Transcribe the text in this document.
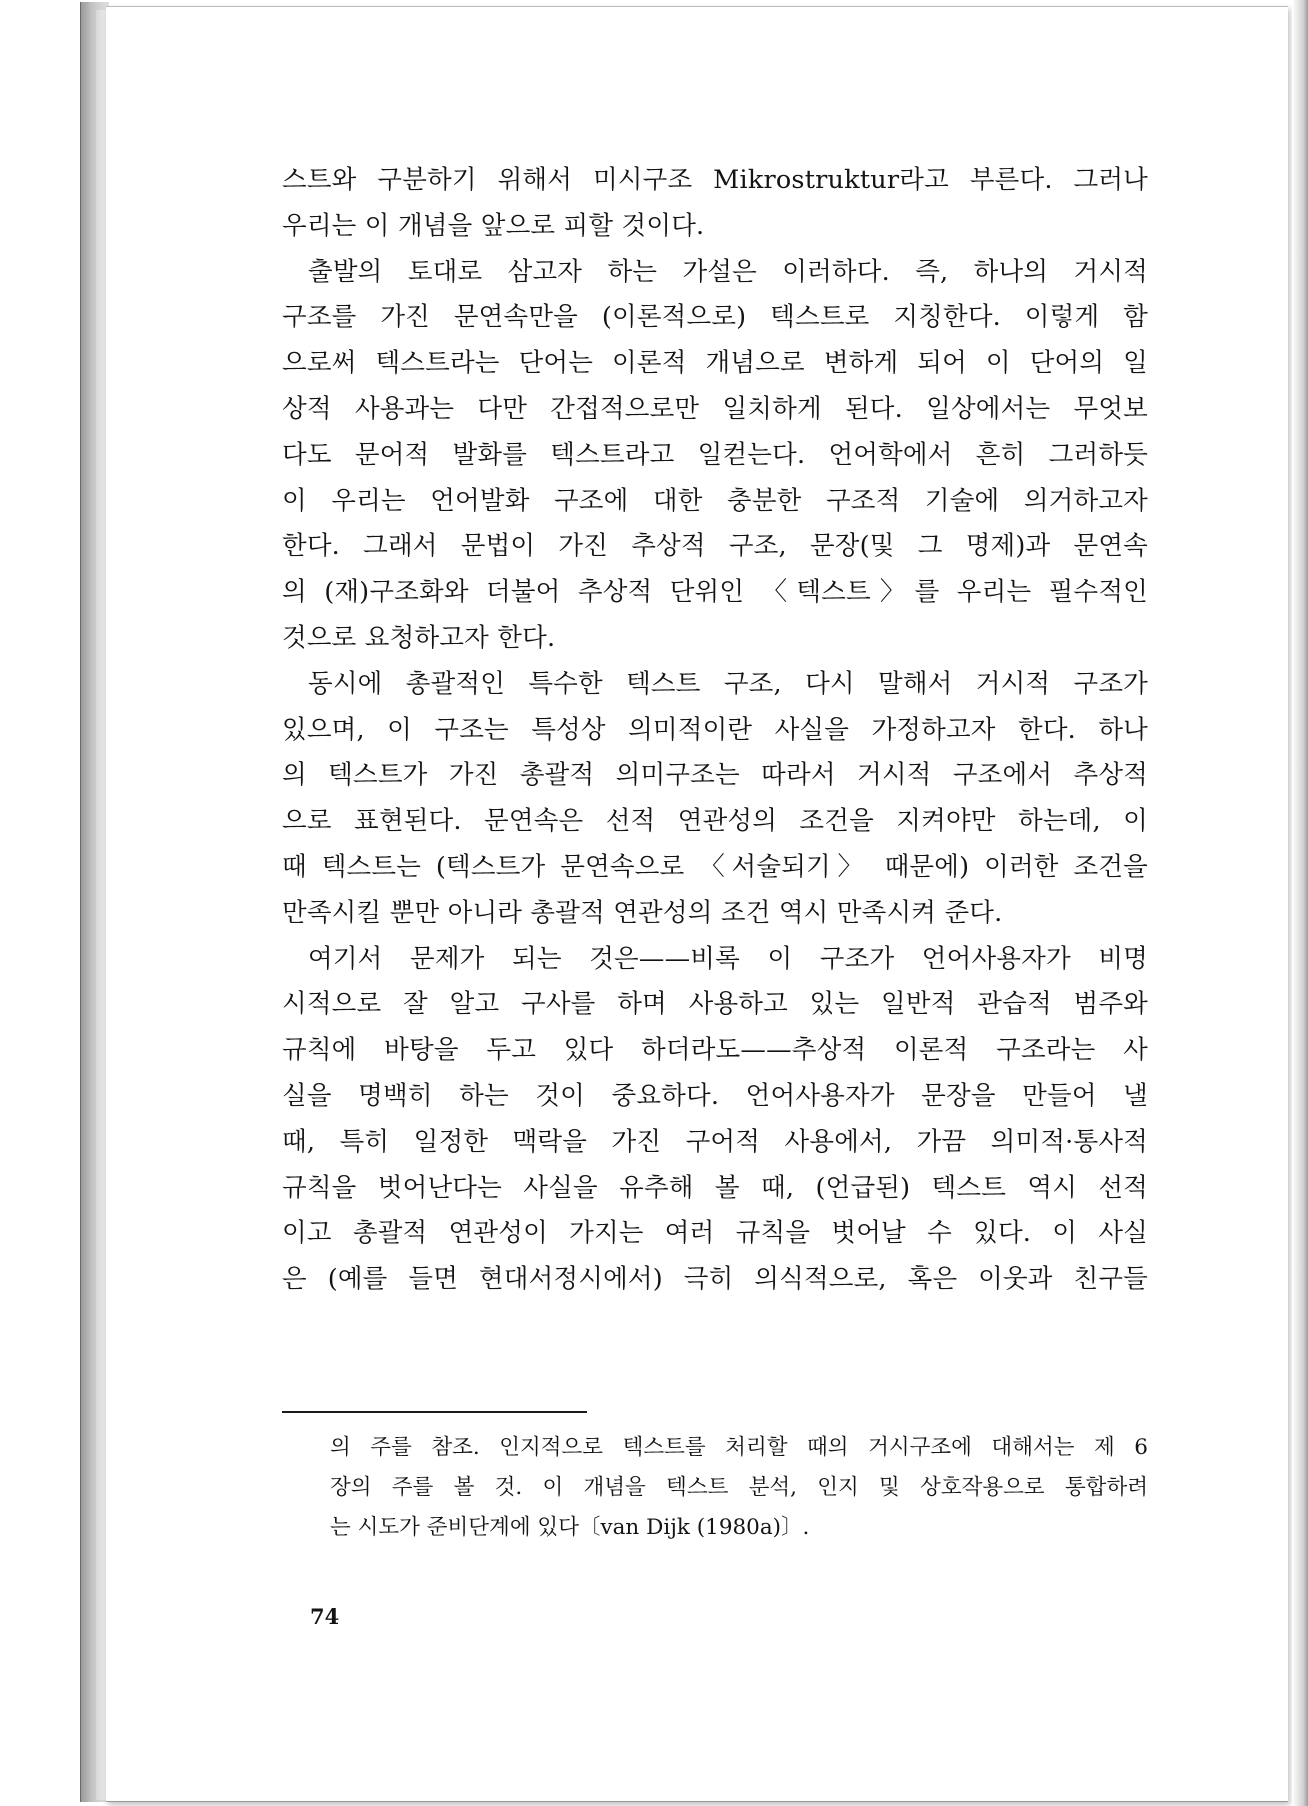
스트와 구분하기 위해서 미시구조 Mikrostruktur라고 부른다. 그러나
우리는 이 개념을 앞으로 피할 것이다.
출발의 토대로 삼고자 하는 가설은 이러하다. 즉, 하나의 거시적
구조를 가진 문연속만을 (이론적으로) 텍스트로 지칭한다. 이렇게 함
으로써 텍스트라는 단어는 이론적 개념으로 변하게 되어 이 단어의 일
상적 사용과는 다만 간접적으로만 일치하게 된다. 일상에서는 무엇보
다도 문어적 발화를 텍스트라고 일컫는다. 언어학에서 흔히 그러하듯
이 우리는 언어발화 구조에 대한 충분한 구조적 기술에 의거하고자
한다. 그래서 문법이 가진 추상적 구조, 문장(및 그 명제)과 문연속
의 (재)구조화와 더불어 추상적 단위인 〈텍스트〉를 우리는 필수적인
것으로 요청하고자 한다.
동시에 총괄적인 특수한 텍스트 구조, 다시 말해서 거시적 구조가
있으며, 이 구조는 특성상 의미적이란 사실을 가정하고자 한다. 하나
의 텍스트가 가진 총괄적 의미구조는 따라서 거시적 구조에서 추상적
으로 표현된다. 문연속은 선적 연관성의 조건을 지켜야만 하는데, 이
때 텍스트는 (텍스트가 문연속으로 〈서술되기〉 때문에) 이러한 조건을
만족시킬 뿐만 아니라 총괄적 연관성의 조건 역시 만족시켜 준다.
여기서 문제가 되는 것은——비록 이 구조가 언어사용자가 비명
시적으로 잘 알고 구사를 하며 사용하고 있는 일반적 관습적 범주와
규칙에 바탕을 두고 있다 하더라도——추상적 이론적 구조라는 사
실을 명백히 하는 것이 중요하다. 언어사용자가 문장을 만들어 낼
때, 특히 일정한 맥락을 가진 구어적 사용에서, 가끔 의미적·통사적
규칙을 벗어난다는 사실을 유추해 볼 때, (언급된) 텍스트 역시 선적
이고 총괄적 연관성이 가지는 여러 규칙을 벗어날 수 있다. 이 사실
은 (예를 들면 현대서정시에서) 극히 의식적으로, 혹은 이웃과 친구들
의 주를 참조. 인지적으로 텍스트를 처리할 때의 거시구조에 대해서는 제 6
장의 주를 볼 것. 이 개념을 텍스트 분석, 인지 및 상호작용으로 통합하려
는 시도가 준비단계에 있다〔van Dijk (1980a)〕.
74
